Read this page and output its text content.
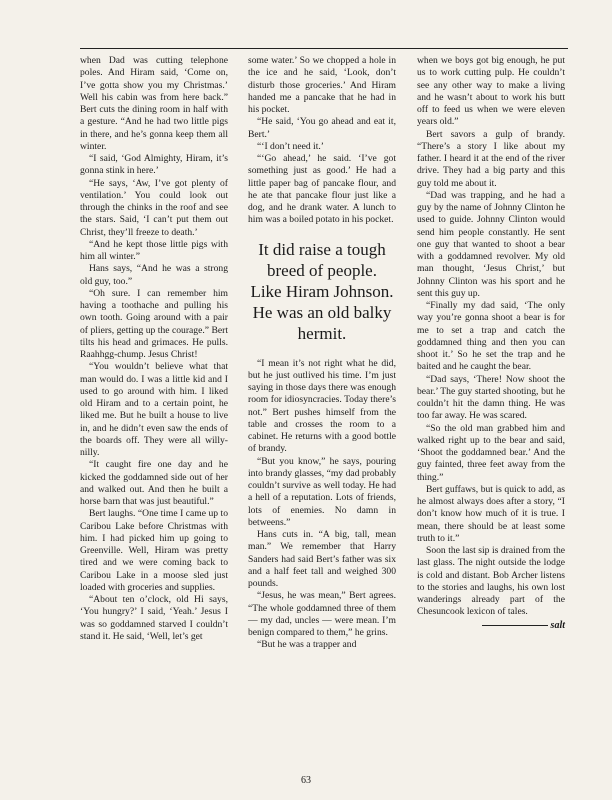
when Dad was cutting telephone poles. And Hiram said, ‘Come on, I’ve gotta show you my Christmas.’ Well his cabin was from here back.” Bert cuts the dining room in half with a gesture. “And he had two little pigs in there, and he’s gonna keep them all winter.

“I said, ‘God Almighty, Hiram, it’s gonna stink in here.’

“He says, ‘Aw, I’ve got plenty of ventilation.’ You could look out through the chinks in the roof and see the stars. Said, ‘I can’t put them out Christ, they’ll freeze to death.’

“And he kept those little pigs with him all winter.”

Hans says, “And he was a strong old guy, too.”

“Oh sure. I can remember him having a toothache and pulling his own tooth. Going around with a pair of pliers, getting up the courage.” Bert tilts his head and grimaces. He pulls. Raahhgg-chump. Jesus Christ!

“You wouldn’t believe what that man would do. I was a little kid and I used to go around with him. I liked old Hiram and to a certain point, he liked me. But he built a house to live in, and he didn’t even saw the ends of the boards off. They were all willy-nilly.

“It caught fire one day and he kicked the goddamned side out of her and walked out. And then he built a horse barn that was just beautiful.”

Bert laughs. “One time I came up to Caribou Lake before Christmas with him. I had picked him up going to Greenville. Well, Hiram was pretty tired and we were coming back to Caribou Lake in a moose sled just loaded with groceries and supplies.

“About ten o’clock, old Hi says, ‘You hungry?’ I said, ‘Yeah.’ Jesus I was so goddamned starved I couldn’t stand it. He said, ‘Well, let’s get

some water.’ So we chopped a hole in the ice and he said, ‘Look, don’t disturb those groceries.’ And Hiram handed me a pancake that he had in his pocket.

“He said, ‘You go ahead and eat it, Bert.’

“‘I don’t need it.’

“‘Go ahead,’ he said. ‘I’ve got something just as good.’ He had a little paper bag of pancake flour, and he ate that pancake flour just like a dog, and he drank water. A lunch to him was a boiled potato in his pocket.

It did raise a tough breed of people. Like Hiram Johnson. He was an old balky hermit.

“I mean it’s not right what he did, but he just outlived his time. I’m just saying in those days there was enough room for idiosyncracies. Today there’s not.” Bert pushes himself from the table and crosses the room to a cabinet. He returns with a good bottle of brandy.

“But you know,” he says, pouring into brandy glasses, “my dad probably couldn’t survive as well today. He had a hell of a reputation. Lots of friends, lots of enemies. No damn in betweens.”

Hans cuts in. “A big, tall, mean man.” We remember that Harry Sanders had said Bert’s father was six and a half feet tall and weighed 300 pounds.

“Jesus, he was mean,” Bert agrees. “The whole goddamned three of them — my dad, uncles — were mean. I’m benign compared to them,” he grins.

“But he was a trapper and

when we boys got big enough, he put us to work cutting pulp. He couldn’t see any other way to make a living and he wasn’t about to work his butt off to feed us when we were eleven years old.”

Bert savors a gulp of brandy. “There’s a story I like about my father. I heard it at the end of the river drive. They had a big party and this guy told me about it.

“Dad was trapping, and he had a guy by the name of Johnny Clinton he used to guide. Johnny Clinton would send him people constantly. He sent one guy that wanted to shoot a bear with a goddamned revolver. My old man thought, ‘Jesus Christ,’ but Johnny Clinton was his sport and he sent this guy up.

“Finally my dad said, ‘The only way you’re gonna shoot a bear is for me to set a trap and catch the goddamned thing and then you can shoot it.’ So he set the trap and he baited and he caught the bear.

“Dad says, ‘There! Now shoot the bear.’ The guy started shooting, but he couldn’t hit the damn thing. He was too far away. He was scared.

“So the old man grabbed him and walked right up to the bear and said, ‘Shoot the goddamned bear.’ And the guy fainted, three feet away from the thing.”

Bert guffaws, but is quick to add, as he almost always does after a story, “I don’t know how much of it is true. I mean, there should be at least some truth to it.”

Soon the last sip is drained from the last glass. The night outside the lodge is cold and distant. Bob Archer listens to the stories and laughs, his own lost wanderings already part of the Chesuncook lexicon of tales.

salt
63
